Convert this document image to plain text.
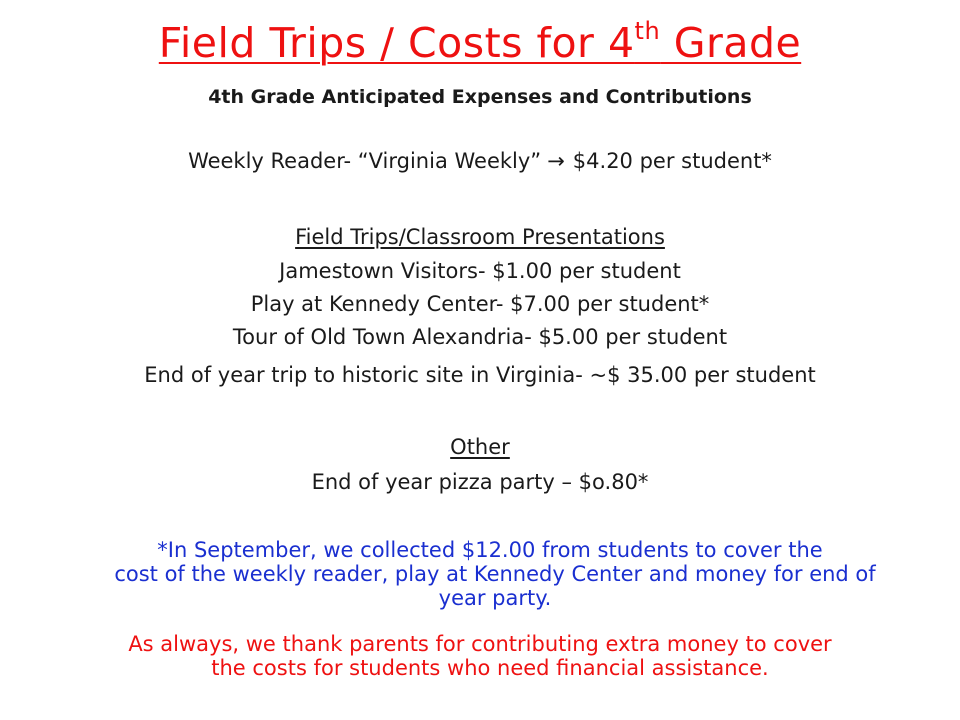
Field Trips / Costs for 4th Grade
4th Grade Anticipated Expenses and Contributions
Weekly Reader- “Virginia Weekly” → $4.20 per student*
Field Trips/Classroom Presentations
Jamestown Visitors- $1.00 per student
Play at Kennedy Center- $7.00 per student*
Tour of Old Town Alexandria- $5.00 per student
End of year trip to historic site in Virginia- ~$ 35.00 per student
Other
End of year pizza party – $o.80*
*In September, we collected $12.00 from students to cover the
cost of the weekly reader, play at Kennedy Center and money for end of year party.
As always, we thank parents for contributing extra money to cover
the costs for students who need financial assistance.
